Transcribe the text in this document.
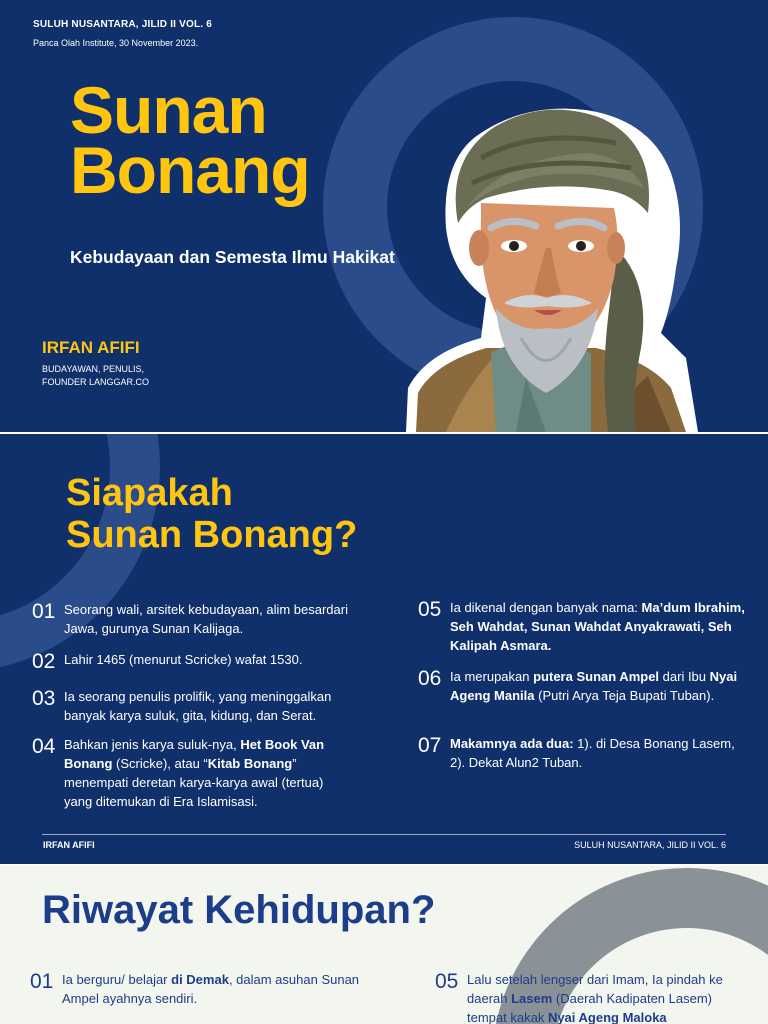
SULUH NUSANTARA, JILID II VOL. 6
Panca Olah Institute, 30 November 2023.
Sunan
Bonang
Kebudayaan dan Semesta Ilmu Hakikat
IRFAN AFIFI
BUDAYAWAN, PENULIS,
FOUNDER LANGGAR.CO
Siapakah
Sunan Bonang?
01 Seorang wali, arsitek kebudayaan, alim besardari Jawa, gurunya Sunan Kalijaga.
02 Lahir 1465 (menurut Scricke) wafat 1530.
03 Ia seorang penulis prolifik, yang meninggalkan banyak karya suluk, gita, kidung, dan Serat.
04 Bahkan jenis karya suluk-nya, Het Book Van Bonang (Scricke), atau “Kitab Bonang” menempati deretan karya-karya awal (tertua) yang ditemukan di Era Islamisasi.
05 Ia dikenal dengan banyak nama: Ma’dum Ibrahim, Seh Wahdat, Sunan Wahdat Anyakrawati, Seh Kalipah Asmara.
06 Ia merupakan putera Sunan Ampel dari Ibu Nyai Ageng Manila (Putri Arya Teja Bupati Tuban).
07 Makamnya ada dua: 1). di Desa Bonang Lasem, 2). Dekat Alun2 Tuban.
IRFAN AFIFI	SULUH NUSANTARA, JILID II VOL. 6
Riwayat Kehidupan?
01 Ia berguru/ belajar di Demak, dalam asuhan Sunan Ampel ayahnya sendiri.
05 Lalu setelah lengser dari Imam, Ia pindah ke daerah Lasem (Daerah Kadipaten Lasem) tempat kakak Nyai Ageng Maloka
